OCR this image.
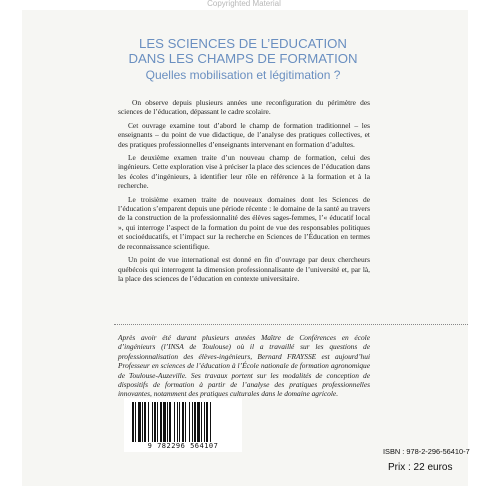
Copyrighted Material
LES SCIENCES DE L’EDUCATION
DANS LES CHAMPS DE FORMATION
Quelles mobilisation et légitimation ?

On observe depuis plusieurs années une reconfiguration du périmètre des sciences de l’éducation, dépassant le cadre scolaire.

Cet ouvrage examine tout d’abord le champ de formation traditionnel – les enseignants – du point de vue didactique, de l’analyse des pratiques collectives, et des pratiques professionnelles d’enseignants intervenant en formation d’adultes.

Le deuxième examen traite d’un nouveau champ de formation, celui des ingénieurs. Cette exploration vise à préciser la place des sciences de l’éducation dans les écoles d’ingénieurs, à identifier leur rôle en référence à la formation et à la recherche.

Le troisième examen traite de nouveaux domaines dont les Sciences de l’éducation s’emparent depuis une période récente : le domaine de la santé au travers de la construction de la professionnalité des élèves sages-femmes, l’« éducatif local », qui interroge l’aspect de la formation du point de vue des responsables politiques et socioéducatifs, et l’impact sur la recherche en Sciences de l’Éducation en termes de reconnaissance scientifique.

Un point de vue international est donné en fin d’ouvrage par deux chercheurs québécois qui interrogent la dimension professionnalisante de l’université et, par là, la place des sciences de l’éducation en contexte universitaire.

Après avoir été durant plusieurs années Maître de Conférences en école d’ingénieurs (l’INSA de Toulouse) où il a travaillé sur les questions de professionnalisation des élèves-ingénieurs, Bernard FRAYSSE est aujourd’hui Professeur en sciences de l’éducation à l’École nationale de formation agronomique de Toulouse-Auzeville. Ses travaux portent sur les modalités de conception de dispositifs de formation à partir de l’analyse des pratiques professionnelles innovantes, notamment des pratiques culturales dans le domaine agricole.

9 782296 564107
ISBN : 978-2-296-56410-7
Prix : 22 euros
